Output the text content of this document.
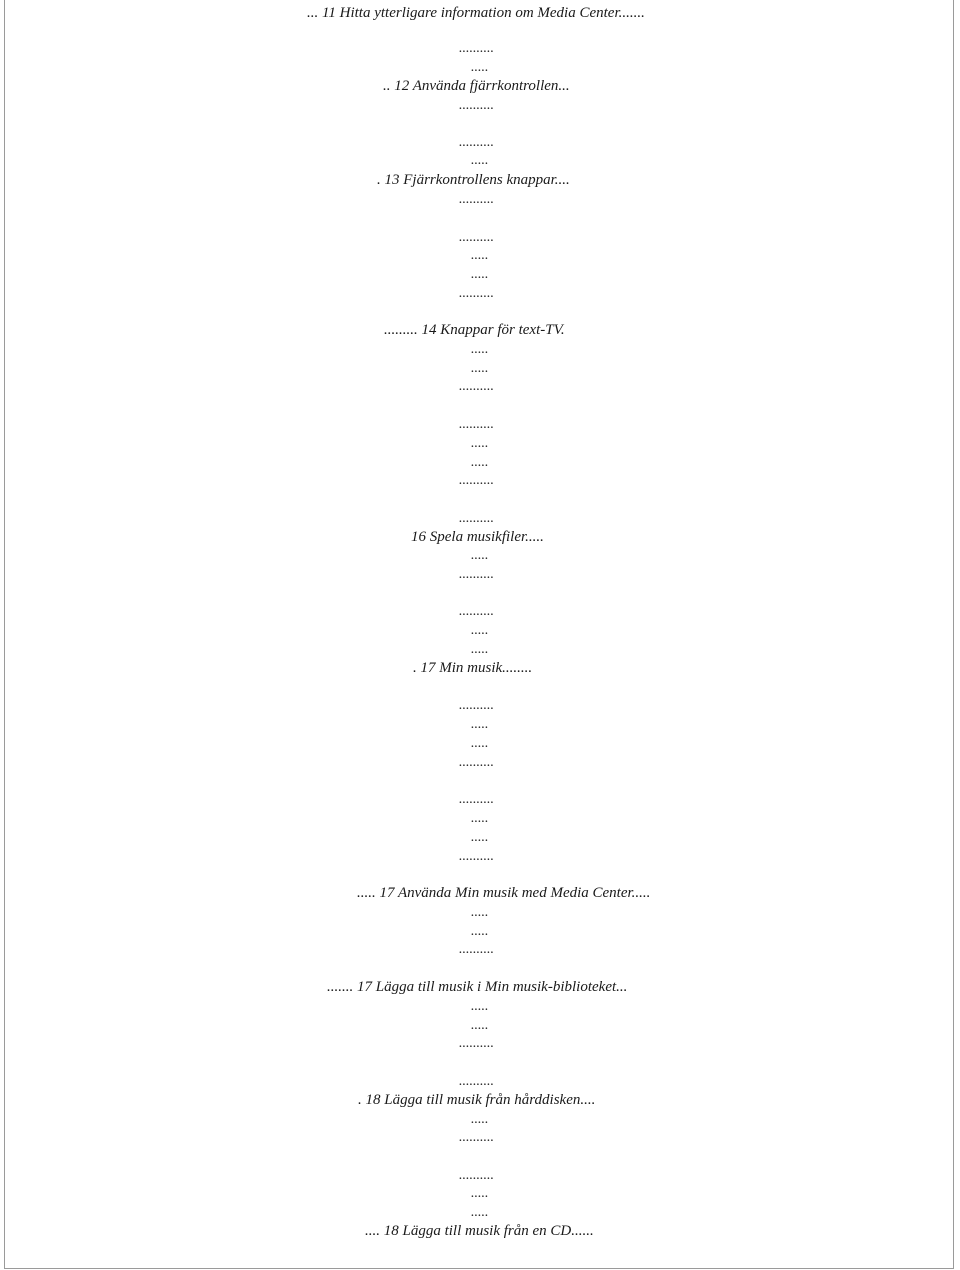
... 11 Hitta ytterligare information om Media Center.......

..........

.....

.. 12 Använda fjärrkontrollen...

..........

..........

.....

. 13 Fjärrkontrollens knappar....

..........

..........

.....

.....

..........

......... 14 Knappar för text-TV.

.....

.....

..........

..........

.....

.....

..........

..........

16 Spela musikfiler.....

.....

..........

..........

.....

.....

. 17 Min musik........

..........

.....

.....

..........

..........

.....

.....

..........

..... 17 Använda Min musik med Media Center.....

.....

.....

..........

....... 17 Lägga till musik i Min musik-biblioteket...

.....

.....

..........

..........

. 18 Lägga till musik från hårddisken....

.....

..........

..........

.....

.....

.... 18 Lägga till musik från en CD......
